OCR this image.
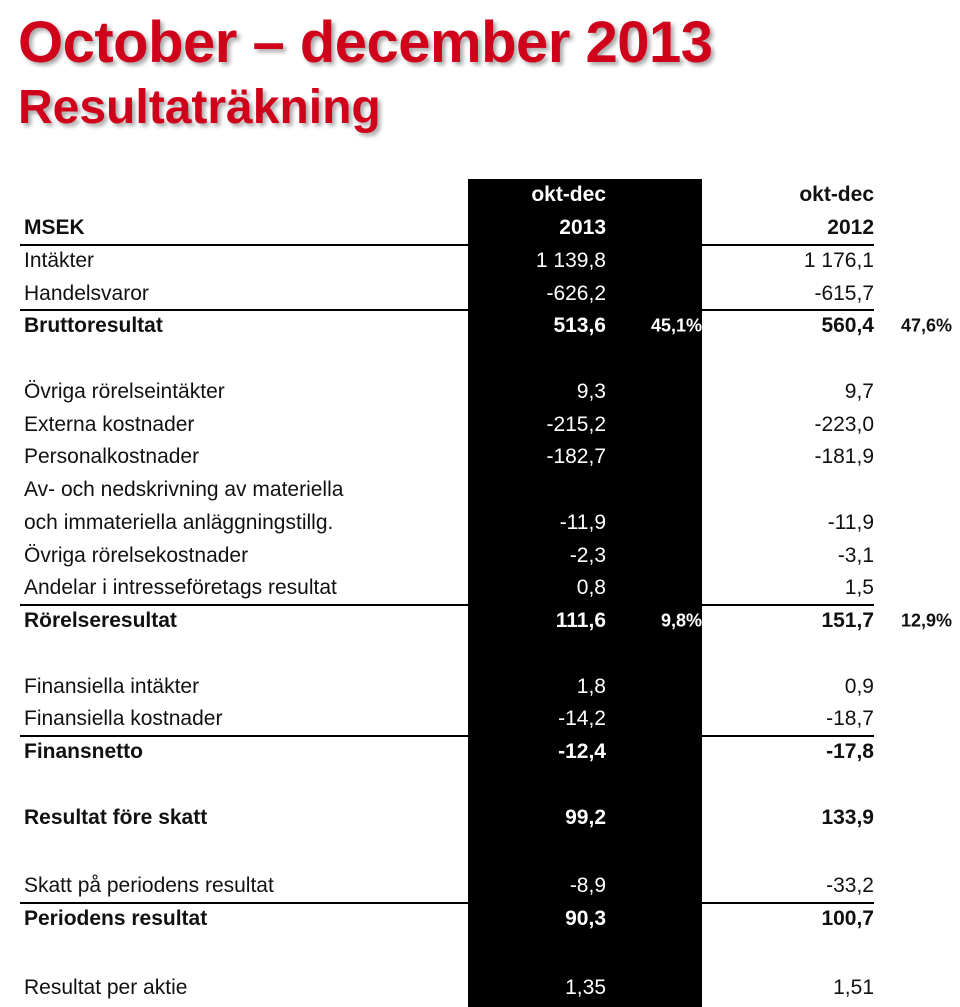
October – december 2013
Resultaträkning
okt-dec	okt-dec
MSEK	2013	2012
Intäkter	1 139,8	1 176,1
Handelsvaror	-626,2	-615,7
Bruttoresultat	513,6 45,1%	560,4 47,6%
Övriga rörelseintäkter	9,3	9,7
Externa kostnader	-215,2	-223,0
Personalkostnader	-182,7	-181,9
Av- och nedskrivning av materiella
och immateriella anläggningstillg.	-11,9	-11,9
Övriga rörelsekostnader	-2,3	-3,1
Andelar i intresseföretags resultat	0,8	1,5
Rörelseresultat	111,6	9,8%	151,7 12,9%
Finansiella intäkter	1,8	0,9
Finansiella kostnader	-14,2	-18,7
Finansnetto	-12,4	-17,8
Resultat före skatt	99,2	133,9
Skatt på periodens resultat	-8,9	-33,2
Periodens resultat	90,3	100,7
Resultat per aktie	1,35	1,51
